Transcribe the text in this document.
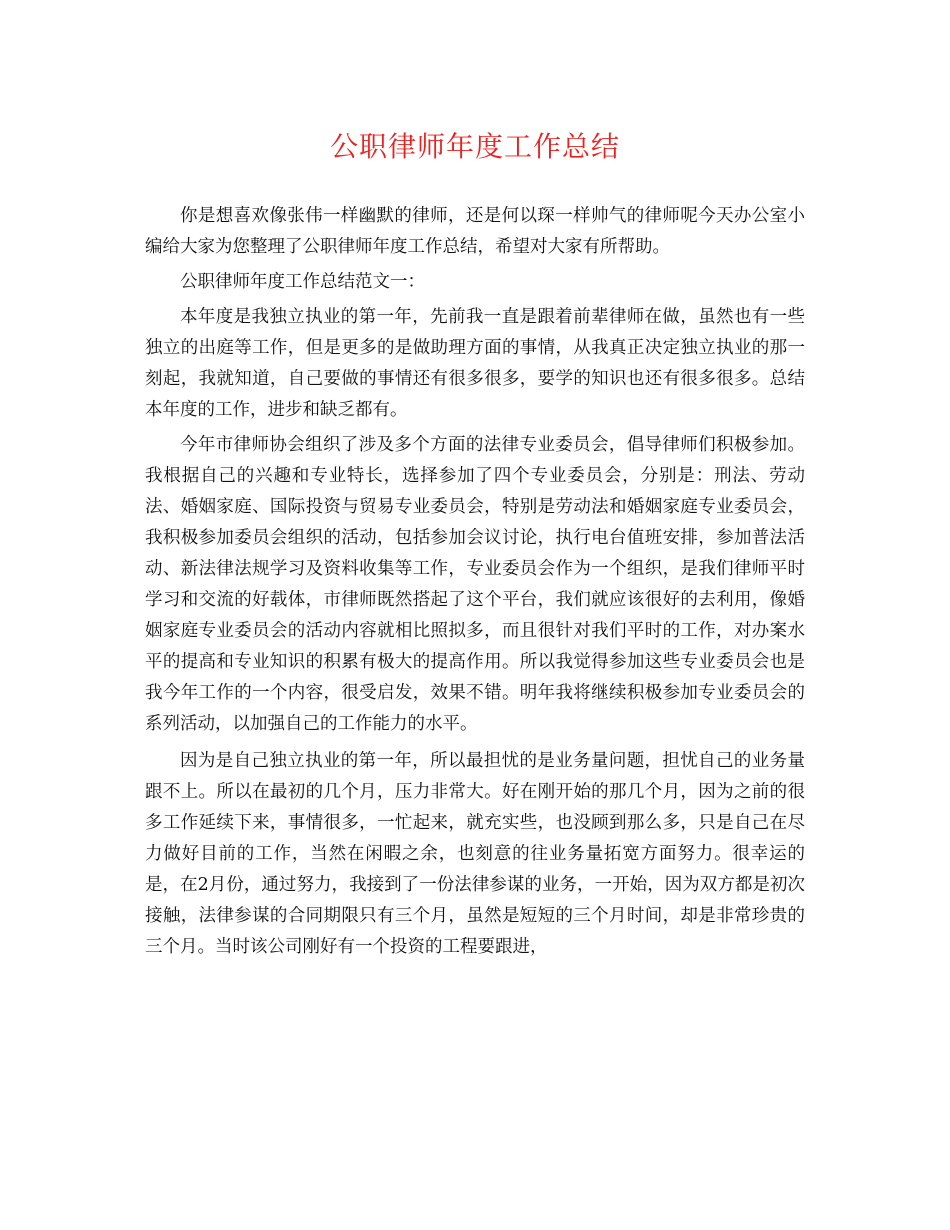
公职律师年度工作总结

你是想喜欢像张伟一样幽默的律师，还是何以琛一样帅气的律师呢今天办公室小编给大家为您整理了公职律师年度工作总结，希望对大家有所帮助。

公职律师年度工作总结范文一：

本年度是我独立执业的第一年，先前我一直是跟着前辈律师在做，虽然也有一些独立的出庭等工作，但是更多的是做助理方面的事情，从我真正决定独立执业的那一刻起，我就知道，自己要做的事情还有很多很多，要学的知识也还有很多很多。总结本年度的工作，进步和缺乏都有。

今年市律师协会组织了涉及多个方面的法律专业委员会，倡导律师们积极参加。我根据自己的兴趣和专业特长，选择参加了四个专业委员会，分别是：刑法、劳动法、婚姻家庭、国际投资与贸易专业委员会，特别是劳动法和婚姻家庭专业委员会，我积极参加委员会组织的活动，包括参加会议讨论，执行电台值班安排，参加普法活动、新法律法规学习及资料收集等工作，专业委员会作为一个组织，是我们律师平时学习和交流的好载体，市律师既然搭起了这个平台，我们就应该很好的去利用，像婚姻家庭专业委员会的活动内容就相比照拟多，而且很针对我们平时的工作，对办案水平的提高和专业知识的积累有极大的提高作用。所以我觉得参加这些专业委员会也是我今年工作的一个内容，很受启发，效果不错。明年我将继续积极参加专业委员会的系列活动，以加强自己的工作能力的水平。

因为是自己独立执业的第一年，所以最担忧的是业务量问题，担忧自己的业务量跟不上。所以在最初的几个月，压力非常大。好在刚开始的那几个月，因为之前的很多工作延续下来，事情很多，一忙起来，就充实些，也没顾到那么多，只是自己在尽力做好目前的工作，当然在闲暇之余，也刻意的往业务量拓宽方面努力。很幸运的是，在2月份，通过努力，我接到了一份法律参谋的业务，一开始，因为双方都是初次接触，法律参谋的合同期限只有三个月，虽然是短短的三个月时间，却是非常珍贵的三个月。当时该公司刚好有一个投资的工程要跟进，
